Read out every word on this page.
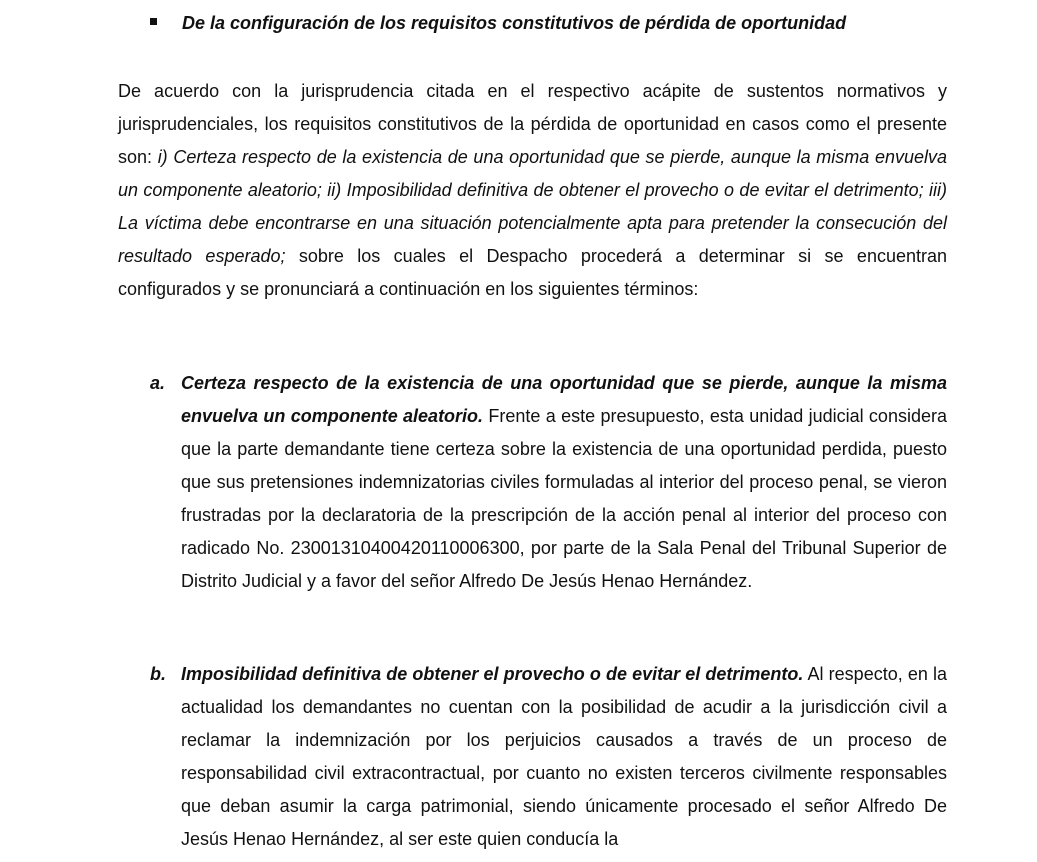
De la configuración de los requisitos constitutivos de pérdida de oportunidad

De acuerdo con la jurisprudencia citada en el respectivo acápite de sustentos normativos y jurisprudenciales, los requisitos constitutivos de la pérdida de oportunidad en casos como el presente son: i) Certeza respecto de la existencia de una oportunidad que se pierde, aunque la misma envuelva un componente aleatorio; ii) Imposibilidad definitiva de obtener el provecho o de evitar el detrimento; iii) La víctima debe encontrarse en una situación potencialmente apta para pretender la consecución del resultado esperado; sobre los cuales el Despacho procederá a determinar si se encuentran configurados y se pronunciará a continuación en los siguientes términos:

a. Certeza respecto de la existencia de una oportunidad que se pierde, aunque la misma envuelva un componente aleatorio. Frente a este presupuesto, esta unidad judicial considera que la parte demandante tiene certeza sobre la existencia de una oportunidad perdida, puesto que sus pretensiones indemnizatorias civiles formuladas al interior del proceso penal, se vieron frustradas por la declaratoria de la prescripción de la acción penal al interior del proceso con radicado No. 23001310400420110006300, por parte de la Sala Penal del Tribunal Superior de Distrito Judicial y a favor del señor Alfredo De Jesús Henao Hernández.
b. Imposibilidad definitiva de obtener el provecho o de evitar el detrimento. Al respecto, en la actualidad los demandantes no cuentan con la posibilidad de acudir a la jurisdicción civil a reclamar la indemnización por los perjuicios causados a través de un proceso de responsabilidad civil extracontractual, por cuanto no existen terceros civilmente responsables que deban asumir la carga patrimonial, siendo únicamente procesado el señor Alfredo De Jesús Henao Hernández, al ser este quien conducía la
